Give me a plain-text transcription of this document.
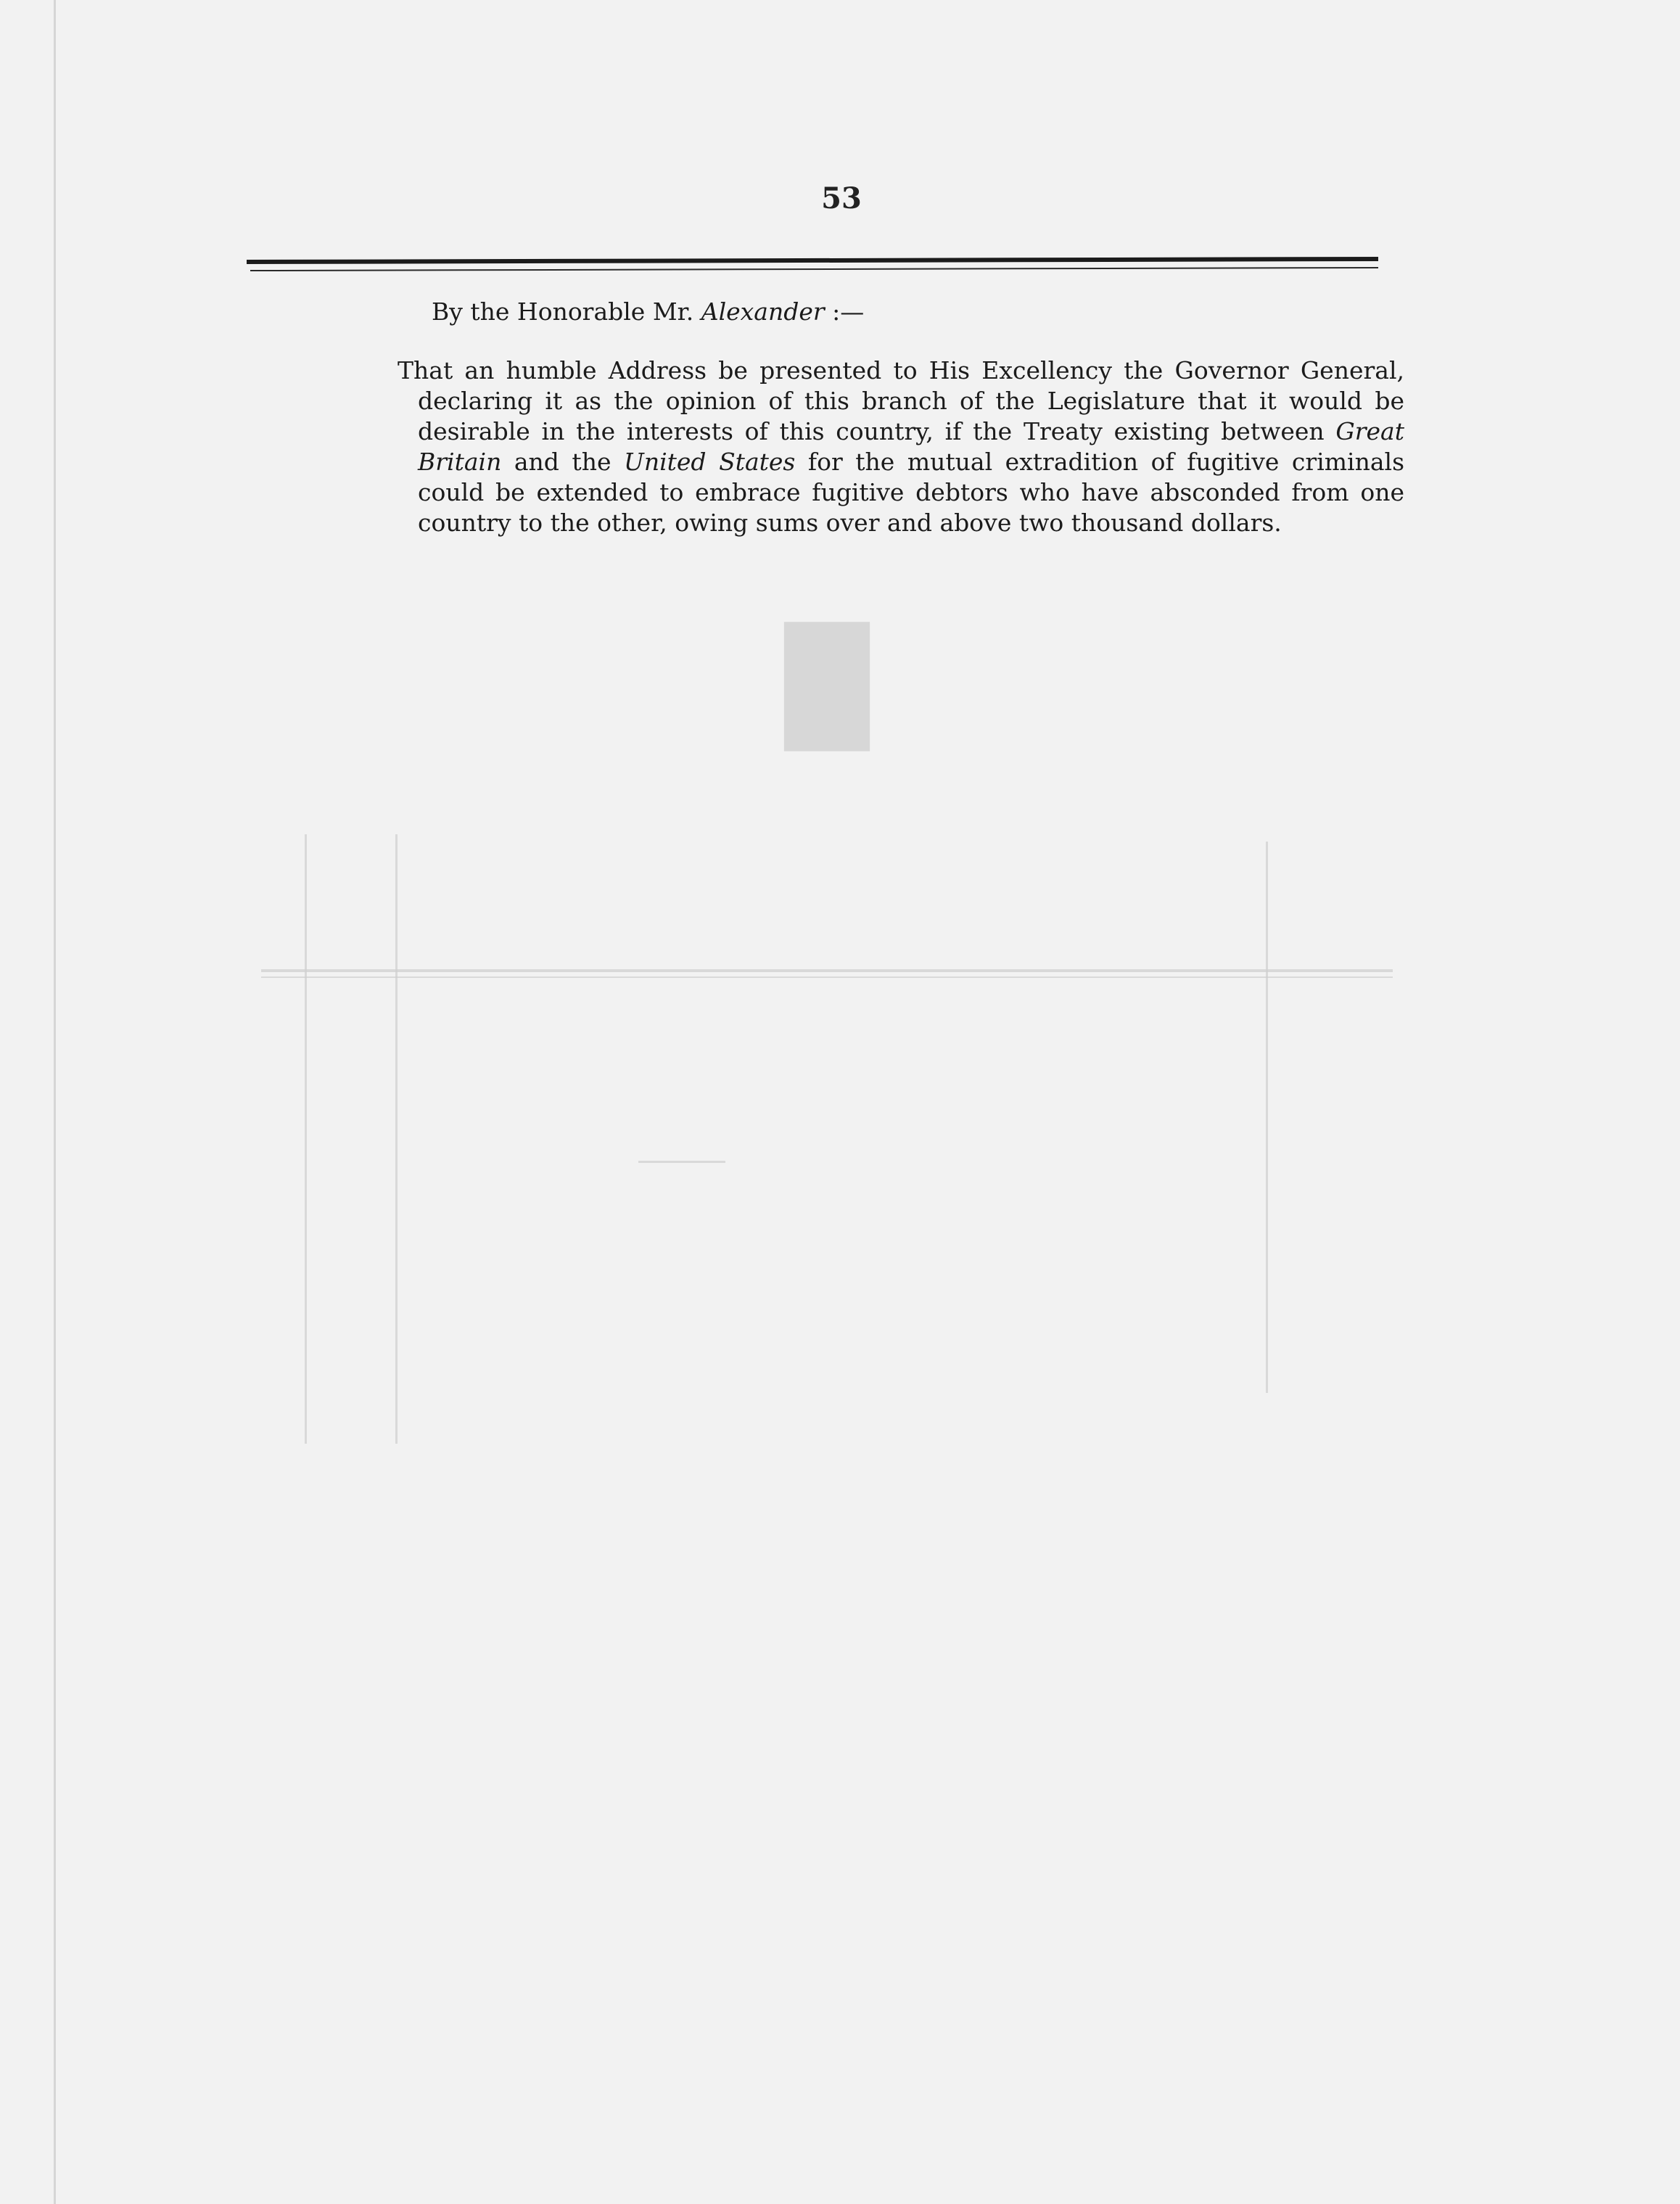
█
53
By the Honorable Mr. Alexander :—
That an humble Address be presented to His Excellency the Governor General, declaring it as the opinion of this branch of the Legislature that it would be desirable in the interests of this country, if the Treaty existing between Great Britain and the United States for the mutual extradition of fugitive criminals could be extended to embrace fugitive debtors who have absconded from one country to the other, owing sums over and above two thousand dollars.
